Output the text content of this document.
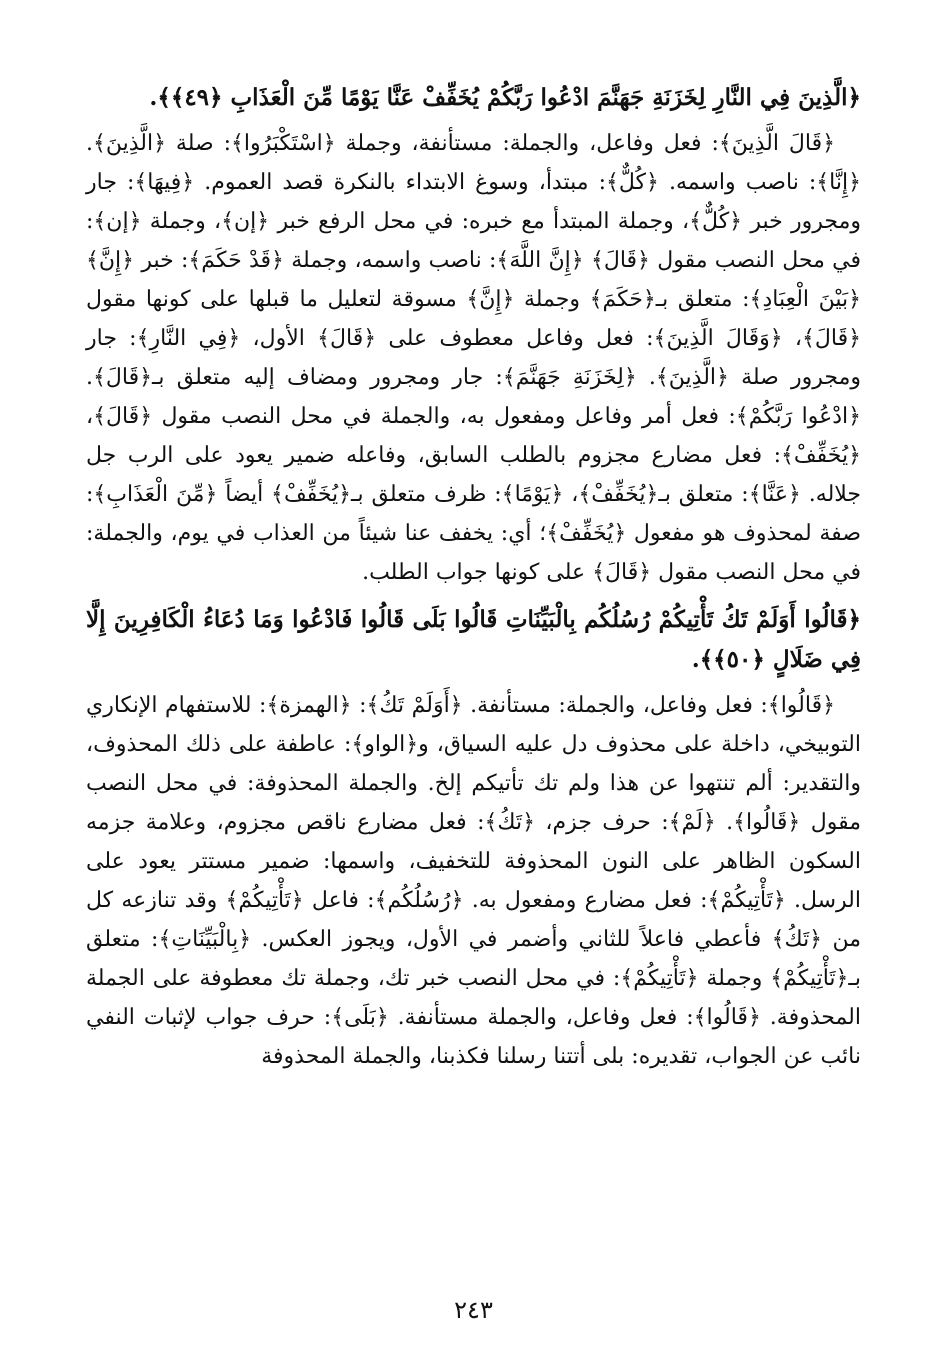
﴿الَّذِينَ فِي النَّارِ لِخَزَنَةِ جَهَنَّمَ ادْعُوا رَبَّكُمْ يُخَفِّفْ عَنَّا يَوْمًا مِّنَ الْعَذَابِ ﴿٤٩﴾﴾.

﴿قَالَ الَّذِينَ﴾: فعل وفاعل، والجملة: مستأنفة، وجملة ﴿اسْتَكْبَرُوا﴾: صلة ﴿الَّذِينَ﴾. ﴿إِنَّا﴾: ناصب واسمه. ﴿كُلٌّ﴾: مبتدأ، وسوغ الابتداء بالنكرة قصد العموم. ﴿فِيهَا﴾: جار ومجرور خبر ﴿كُلٌّ﴾، وجملة المبتدأ مع خبره: في محل الرفع خبر ﴿إن﴾، وجملة ﴿إن﴾: في محل النصب مقول ﴿قَالَ﴾ ﴿إِنَّ اللَّهَ﴾: ناصب واسمه، وجملة ﴿قَدْ حَكَمَ﴾: خبر ﴿إِنَّ﴾ ﴿بَيْنَ الْعِبَادِ﴾: متعلق بـ﴿حَكَمَ﴾ وجملة ﴿إِنَّ﴾ مسوقة لتعليل ما قبلها على كونها مقول ﴿قَالَ﴾، ﴿وَقَالَ الَّذِينَ﴾: فعل وفاعل معطوف على ﴿قَالَ﴾ الأول، ﴿فِي النَّارِ﴾: جار ومجرور صلة ﴿الَّذِينَ﴾. ﴿لِخَزَنَةِ جَهَنَّمَ﴾: جار ومجرور ومضاف إليه متعلق بـ﴿قَالَ﴾. ﴿ادْعُوا رَبَّكُمْ﴾: فعل أمر وفاعل ومفعول به، والجملة في محل النصب مقول ﴿قَالَ﴾، ﴿يُخَفِّفْ﴾: فعل مضارع مجزوم بالطلب السابق، وفاعله ضمير يعود على الرب جل جلاله. ﴿عَنَّا﴾: متعلق بـ﴿يُخَفِّفْ﴾، ﴿يَوْمًا﴾: ظرف متعلق بـ﴿يُخَفِّفْ﴾ أيضاً ﴿مِّنَ الْعَذَابِ﴾: صفة لمحذوف هو مفعول ﴿يُخَفِّفْ﴾؛ أي: يخفف عنا شيئاً من العذاب في يوم، والجملة: في محل النصب مقول ﴿قَالَ﴾ على كونها جواب الطلب.

﴿قَالُوا أَوَلَمْ تَكُ تَأْتِيكُمْ رُسُلُكُم بِالْبَيِّنَاتِ قَالُوا بَلَى قَالُوا فَادْعُوا وَمَا دُعَاءُ الْكَافِرِينَ إِلَّا فِي ضَلَالٍ ﴿٥٠﴾﴾.

﴿قَالُوا﴾: فعل وفاعل، والجملة: مستأنفة. ﴿أَوَلَمْ تَكُ﴾: ﴿الهمزة﴾: للاستفهام الإنكاري التوبيخي، داخلة على محذوف دل عليه السياق، و﴿الواو﴾: عاطفة على ذلك المحذوف، والتقدير: ألم تنتهوا عن هذا ولم تك تأتيكم إلخ. والجملة المحذوفة: في محل النصب مقول ﴿قَالُوا﴾. ﴿لَمْ﴾: حرف جزم، ﴿تَكُ﴾: فعل مضارع ناقص مجزوم، وعلامة جزمه السكون الظاهر على النون المحذوفة للتخفيف، واسمها: ضمير مستتر يعود على الرسل. ﴿تَأْتِيكُمْ﴾: فعل مضارع ومفعول به. ﴿رُسُلُكُم﴾: فاعل ﴿تَأْتِيكُمْ﴾ وقد تنازعه كل من ﴿تَكُ﴾ فأعطي فاعلاً للثاني وأضمر في الأول، ويجوز العكس. ﴿بِالْبَيِّنَاتِ﴾: متعلق بـ﴿تَأْتِيكُمْ﴾ وجملة ﴿تَأْتِيكُمْ﴾: في محل النصب خبر تك، وجملة تك معطوفة على الجملة المحذوفة. ﴿قَالُوا﴾: فعل وفاعل، والجملة مستأنفة. ﴿بَلَى﴾: حرف جواب لإثبات النفي نائب عن الجواب، تقديره: بلى أتتنا رسلنا فكذبنا، والجملة المحذوفة

٢٤٣
